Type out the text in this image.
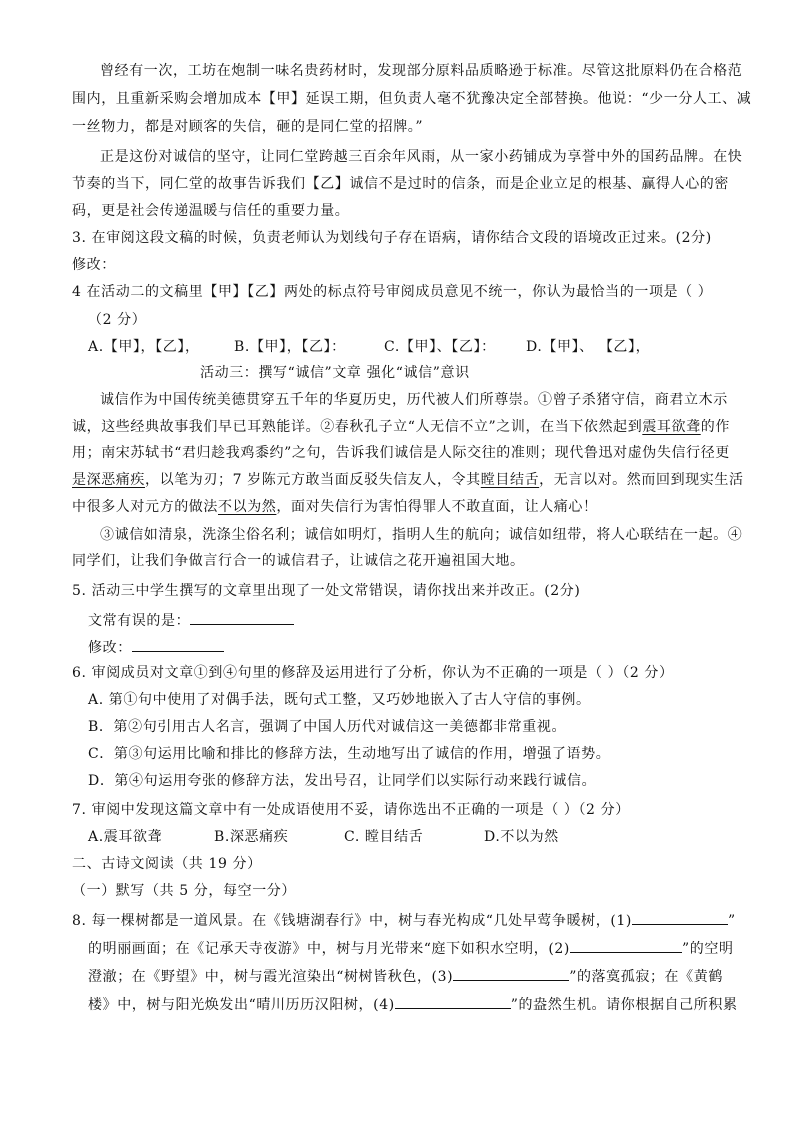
曾经有一次，工坊在炮制一味名贵药材时，发现部分原料品质略逊于标准。尽管这批原料仍在合格范
围内，且重新采购会增加成本【甲】延误工期，但负责人毫不犹豫决定全部替换。他说：“少一分人工、减
一丝物力，都是对顾客的失信，砸的是同仁堂的招牌。”
正是这份对诚信的坚守，让同仁堂跨越三百余年风雨，从一家小药铺成为享誉中外的国药品牌。在快
节奏的当下，同仁堂的故事告诉我们【乙】诚信不是过时的信条，而是企业立足的根基、赢得人心的密
码，更是社会传递温暖与信任的重要力量。
3. 在审阅这段文稿的时候，负责老师认为划线句子存在语病，请你结合文段的语境改正过来。(2分)
修改：
4 在活动二的文稿里【甲】【乙】两处的标点符号审阅成员意见不统一，你认为最恰当的一项是（ ）
（2 分）
A.【甲】，【乙】， B.【甲】，【乙】：	C.【甲】、【乙】： D.【甲】、 【乙】，
活动三：撰写“诚信”文章 强化“诚信”意识
诚信作为中国传统美德贯穿五千年的华夏历史，历代被人们所尊崇。①曾子杀猪守信，商君立木示
诚，这些经典故事我们早已耳熟能详。②春秋孔子立“人无信不立”之训，在当下依然起到震耳欲聋的作
用；南宋苏轼书“君归趁我鸡黍约”之句，告诉我们诚信是人际交往的准则；现代鲁迅对虚伪失信行径更
是深恶痛疾，以笔为刃；7 岁陈元方敢当面反驳失信友人，令其瞠目结舌，无言以对。然而回到现实生活
中很多人对元方的做法不以为然，面对失信行为害怕得罪人不敢直面，让人痛心！
③诚信如清泉，洗涤尘俗名利；诚信如明灯，指明人生的航向；诚信如纽带，将人心联结在一起。④
同学们，让我们争做言行合一的诚信君子，让诚信之花开遍祖国大地。
5. 活动三中学生撰写的文章里出现了一处文常错误，请你找出来并改正。(2分)
文常有误的是：
修改：
6. 审阅成员对文章①到④句里的修辞及运用进行了分析，你认为不正确的一项是（ ）（2 分）
A. 第①句中使用了对偶手法，既句式工整，又巧妙地嵌入了古人守信的事例。
B．第②句引用古人名言，强调了中国人历代对诚信这一美德都非常重视。
C．第③句运用比喻和排比的修辞方法，生动地写出了诚信的作用，增强了语势。
D．第④句运用夸张的修辞方法，发出号召，让同学们以实际行动来践行诚信。
7. 审阅中发现这篇文章中有一处成语使用不妥，请你选出不正确的一项是（ ）（2 分）
A.震耳欲聋	B.深恶痛疾	C. 瞠目结舌	D.不以为然
二、古诗文阅读（共 19 分）
（一）默写（共 5 分，每空一分）
8. 每一棵树都是一道风景。在《钱塘湖春行》中，树与春光构成“几处早莺争暖树，(1)	”
的明丽画面；在《记承天寺夜游》中，树与月光带来“庭下如积水空明，(2)	”的空明
澄澈；在《野望》中，树与霞光渲染出“树树皆秋色，(3)	”的落寞孤寂；在《黄鹤
楼》中，树与阳光焕发出“晴川历历汉阳树，(4)	”的盎然生机。请你根据自己所积累
